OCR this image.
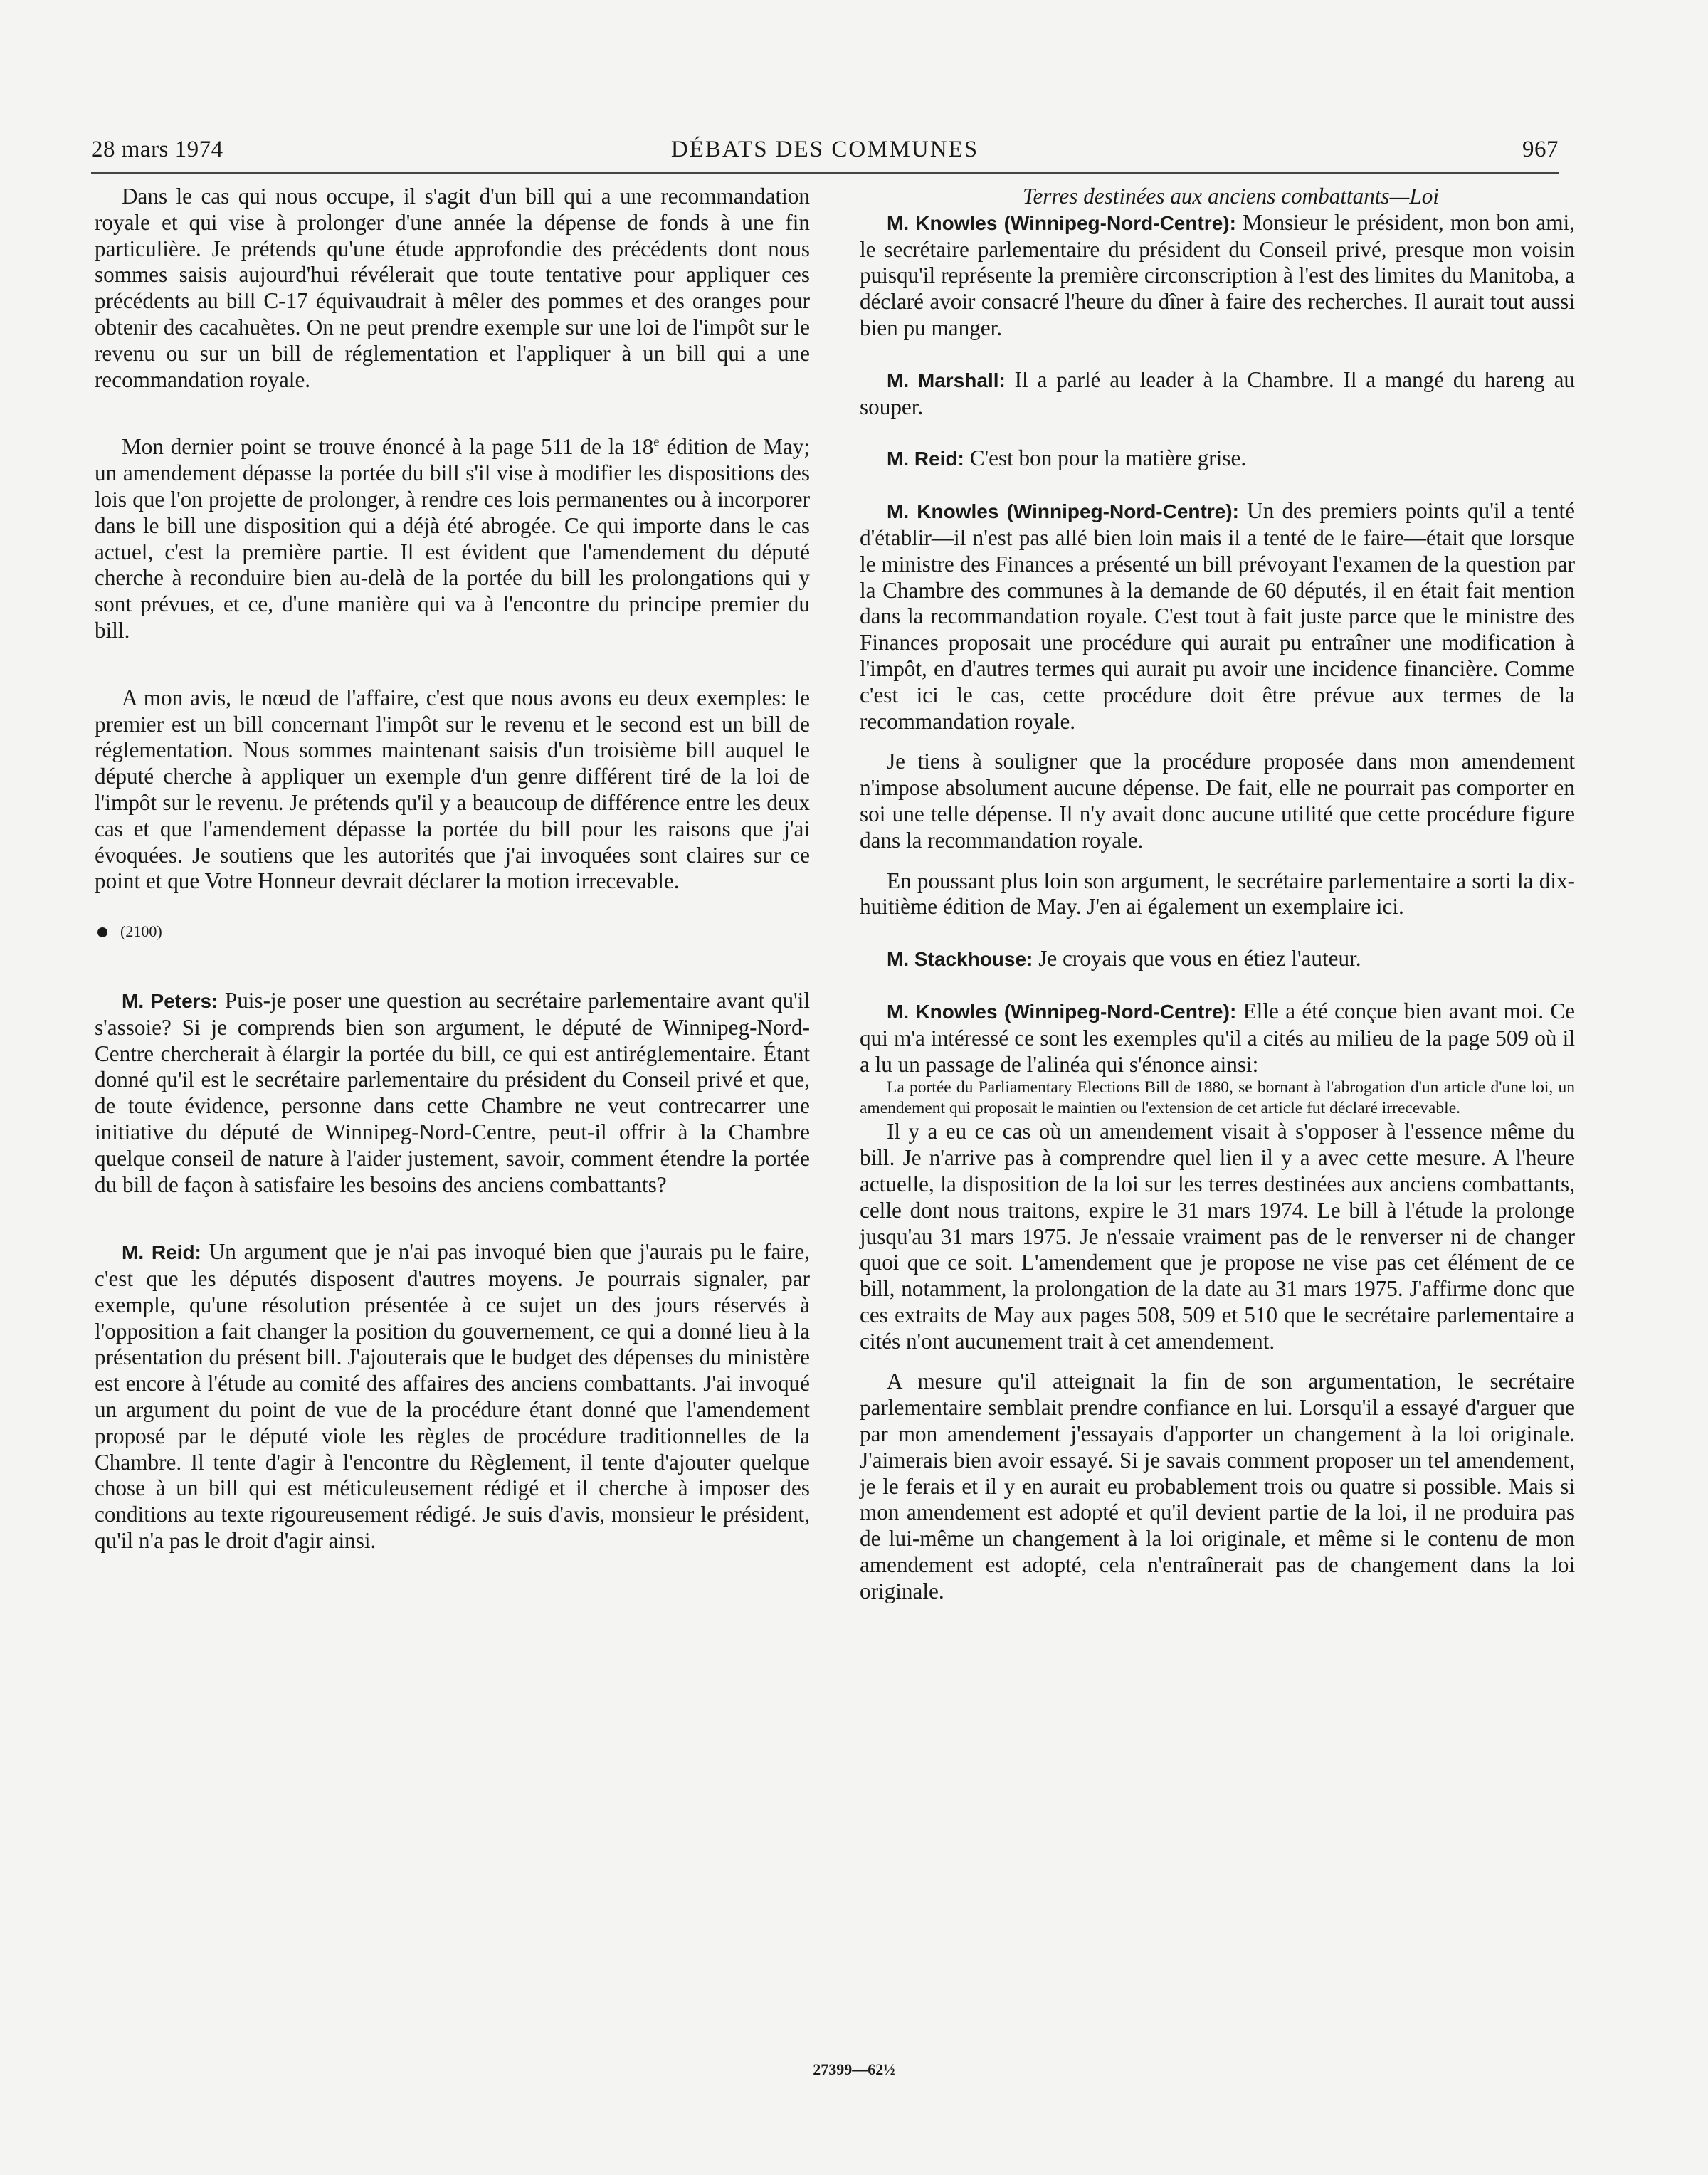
28 mars 1974	DÉBATS DES COMMUNES	967

Dans le cas qui nous occupe, il s'agit d'un bill qui a une recommandation royale et qui vise à prolonger d'une année la dépense de fonds à une fin particulière. Je prétends qu'une étude approfondie des précédents dont nous sommes saisis aujourd'hui révélerait que toute tentative pour appliquer ces précédents au bill C-17 équivaudrait à mêler des pommes et des oranges pour obtenir des cacahuètes. On ne peut prendre exemple sur une loi de l'impôt sur le revenu ou sur un bill de réglementation et l'appliquer à un bill qui a une recommandation royale.

Mon dernier point se trouve énoncé à la page 511 de la 18e édition de May; un amendement dépasse la portée du bill s'il vise à modifier les dispositions des lois que l'on projette de prolonger, à rendre ces lois permanentes ou à incorporer dans le bill une disposition qui a déjà été abrogée. Ce qui importe dans le cas actuel, c'est la première partie. Il est évident que l'amendement du député cherche à reconduire bien au-delà de la portée du bill les prolongations qui y sont prévues, et ce, d'une manière qui va à l'encontre du principe premier du bill.

A mon avis, le nœud de l'affaire, c'est que nous avons eu deux exemples: le premier est un bill concernant l'impôt sur le revenu et le second est un bill de réglementation. Nous sommes maintenant saisis d'un troisième bill auquel le député cherche à appliquer un exemple d'un genre différent tiré de la loi de l'impôt sur le revenu. Je prétends qu'il y a beaucoup de différence entre les deux cas et que l'amendement dépasse la portée du bill pour les raisons que j'ai évoquées. Je soutiens que les autorités que j'ai invoquées sont claires sur ce point et que Votre Honneur devrait déclarer la motion irrecevable.

(2100)

M. Peters: Puis-je poser une question au secrétaire parlementaire avant qu'il s'assoie? Si je comprends bien son argument, le député de Winnipeg-Nord-Centre chercherait à élargir la portée du bill, ce qui est antiréglementaire. Étant donné qu'il est le secrétaire parlementaire du président du Conseil privé et que, de toute évidence, personne dans cette Chambre ne veut contrecarrer une initiative du député de Winnipeg-Nord-Centre, peut-il offrir à la Chambre quelque conseil de nature à l'aider justement, savoir, comment étendre la portée du bill de façon à satisfaire les besoins des anciens combattants?

M. Reid: Un argument que je n'ai pas invoqué bien que j'aurais pu le faire, c'est que les députés disposent d'autres moyens. Je pourrais signaler, par exemple, qu'une résolution présentée à ce sujet un des jours réservés à l'opposition a fait changer la position du gouvernement, ce qui a donné lieu à la présentation du présent bill. J'ajouterais que le budget des dépenses du ministère est encore à l'étude au comité des affaires des anciens combattants. J'ai invoqué un argument du point de vue de la procédure étant donné que l'amendement proposé par le député viole les règles de procédure traditionnelles de la Chambre. Il tente d'agir à l'encontre du Règlement, il tente d'ajouter quelque chose à un bill qui est méticuleusement rédigé et il cherche à imposer des conditions au texte rigoureusement rédigé. Je suis d'avis, monsieur le président, qu'il n'a pas le droit d'agir ainsi.

Terres destinées aux anciens combattants—Loi

M. Knowles (Winnipeg-Nord-Centre): Monsieur le président, mon bon ami, le secrétaire parlementaire du président du Conseil privé, presque mon voisin puisqu'il représente la première circonscription à l'est des limites du Manitoba, a déclaré avoir consacré l'heure du dîner à faire des recherches. Il aurait tout aussi bien pu manger.

M. Marshall: Il a parlé au leader à la Chambre. Il a mangé du hareng au souper.

M. Reid: C'est bon pour la matière grise.

M. Knowles (Winnipeg-Nord-Centre): Un des premiers points qu'il a tenté d'établir—il n'est pas allé bien loin mais il a tenté de le faire—était que lorsque le ministre des Finances a présenté un bill prévoyant l'examen de la question par la Chambre des communes à la demande de 60 députés, il en était fait mention dans la recommandation royale. C'est tout à fait juste parce que le ministre des Finances proposait une procédure qui aurait pu entraîner une modification à l'impôt, en d'autres termes qui aurait pu avoir une incidence financière. Comme c'est ici le cas, cette procédure doit être prévue aux termes de la recommandation royale.

Je tiens à souligner que la procédure proposée dans mon amendement n'impose absolument aucune dépense. De fait, elle ne pourrait pas comporter en soi une telle dépense. Il n'y avait donc aucune utilité que cette procédure figure dans la recommandation royale.

En poussant plus loin son argument, le secrétaire parlementaire a sorti la dix-huitième édition de May. J'en ai également un exemplaire ici.

M. Stackhouse: Je croyais que vous en étiez l'auteur.

M. Knowles (Winnipeg-Nord-Centre): Elle a été conçue bien avant moi. Ce qui m'a intéressé ce sont les exemples qu'il a cités au milieu de la page 509 où il a lu un passage de l'alinéa qui s'énonce ainsi:

La portée du Parliamentary Elections Bill de 1880, se bornant à l'abrogation d'un article d'une loi, un amendement qui proposait le maintien ou l'extension de cet article fut déclaré irrecevable.

Il y a eu ce cas où un amendement visait à s'opposer à l'essence même du bill. Je n'arrive pas à comprendre quel lien il y a avec cette mesure. A l'heure actuelle, la disposition de la loi sur les terres destinées aux anciens combattants, celle dont nous traitons, expire le 31 mars 1974. Le bill à l'étude la prolonge jusqu'au 31 mars 1975. Je n'essaie vraiment pas de le renverser ni de changer quoi que ce soit. L'amendement que je propose ne vise pas cet élément de ce bill, notamment, la prolongation de la date au 31 mars 1975. J'affirme donc que ces extraits de May aux pages 508, 509 et 510 que le secrétaire parlementaire a cités n'ont aucunement trait à cet amendement.

A mesure qu'il atteignait la fin de son argumentation, le secrétaire parlementaire semblait prendre confiance en lui. Lorsqu'il a essayé d'arguer que par mon amendement j'essayais d'apporter un changement à la loi originale. J'aimerais bien avoir essayé. Si je savais comment proposer un tel amendement, je le ferais et il y en aurait eu probablement trois ou quatre si possible. Mais si mon amendement est adopté et qu'il devient partie de la loi, il ne produira pas de lui-même un changement à la loi originale, et même si le contenu de mon amendement est adopté, cela n'entraînerait pas de changement dans la loi originale.

27399—62½
